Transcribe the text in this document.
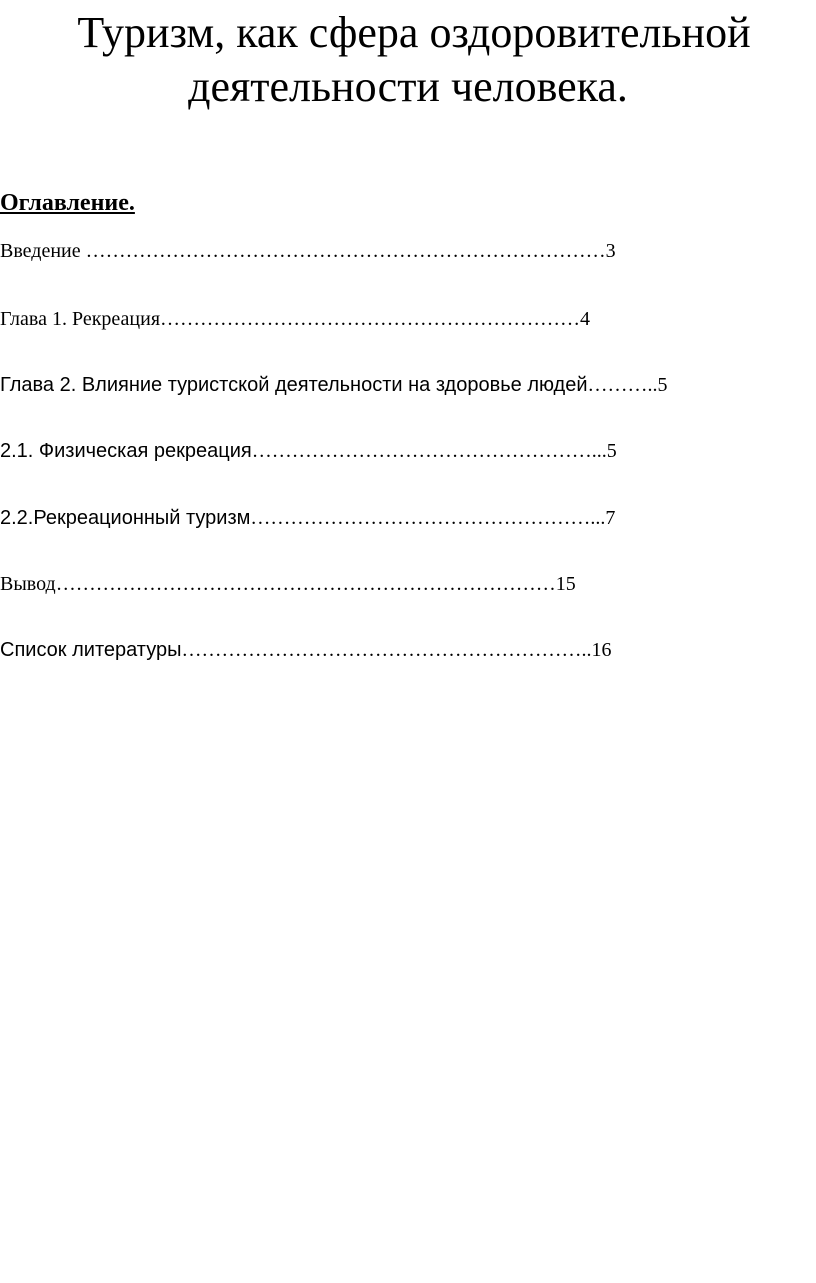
Туризм, как сфера оздоровительной
деятельности человека.
Оглавление.
Введение ……………………………………………………………………3
Глава 1. Рекреация………………………………………………………4
Глава 2. Влияние туристской деятельности на здоровье людей………..5
2.1. Физическая рекреация……………………………………………...5
2.2.Рекреационный туризм……………………………………………...7
Вывод…………………………………………………………………15
Список литературы……………………………………………………..16
